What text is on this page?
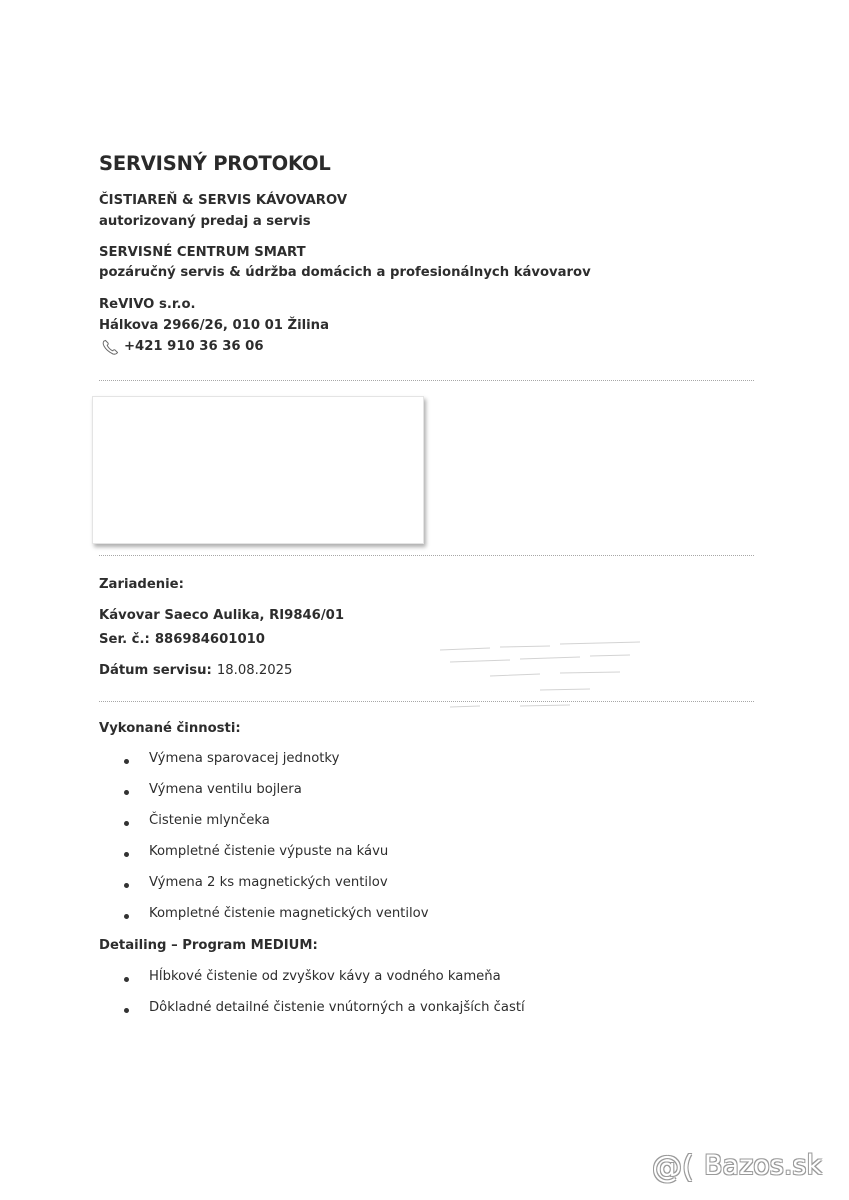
SERVISNÝ PROTOKOL
ČISTIAREŇ & SERVIS KÁVOVAROV
autorizovaný predaj a servis
SERVISNÉ CENTRUM SMART
pozáručný servis & údržba domácich a profesionálnych kávovarov
ReVIVO s.r.o.
Hálkova 2966/26, 010 01 Žilina
+421 910 36 36 06
Zariadenie:
Kávovar Saeco Aulika, RI9846/01
Ser. č.: 886984601010
Dátum servisu: 18.08.2025
Vykonané činnosti:
Výmena sparovacej jednotky
Výmena ventilu bojlera
Čistenie mlynčeka
Kompletné čistenie výpuste na kávu
Výmena 2 ks magnetických ventilov
Kompletné čistenie magnetických ventilov
Detailing – Program MEDIUM:
Hĺbkové čistenie od zvyškov kávy a vodného kameňa
Dôkladné detailné čistenie vnútorných a vonkajších častí
@( Bazos.sk
